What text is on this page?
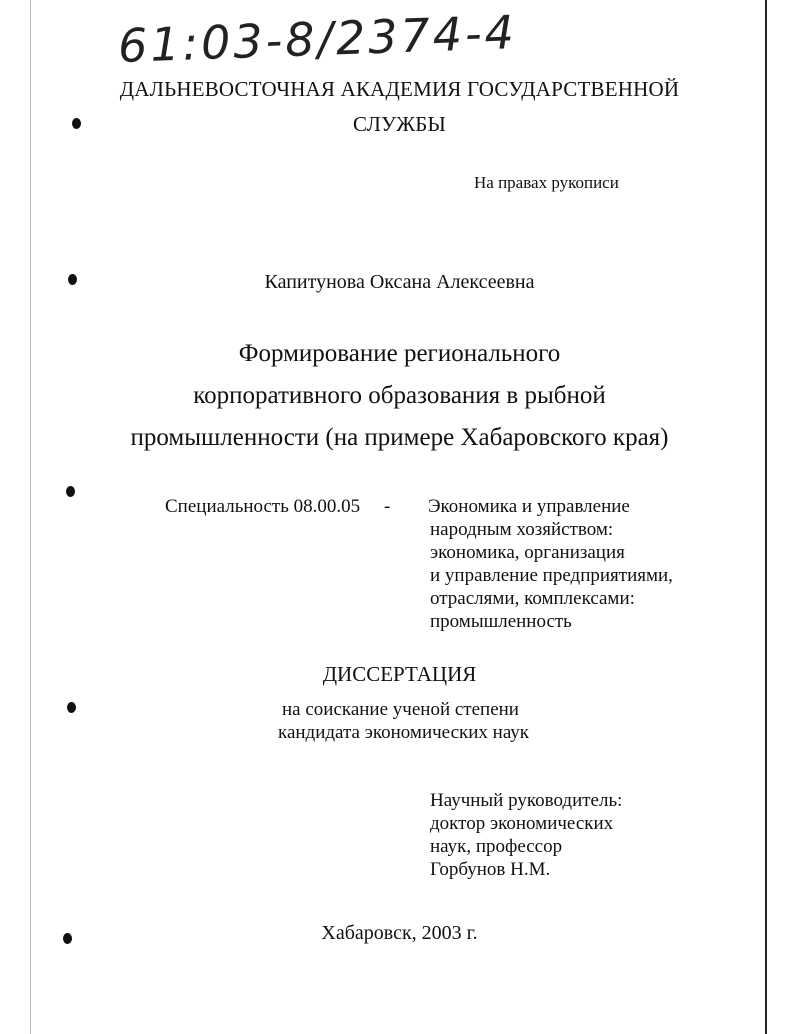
61:03-8/2374-4
ДАЛЬНЕВОСТОЧНАЯ АКАДЕМИЯ ГОСУДАРСТВЕННОЙ
СЛУЖБЫ
На правах рукописи
Капитунова Оксана Алексеевна
Формирование регионального
корпоративного образования в рыбной
промышленности (на примере Хабаровского края)
Специальность 08.00.05 - Экономика и управление
народным хозяйством:
экономика, организация
и управление предприятиями,
отраслями, комплексами:
промышленность
ДИССЕРТАЦИЯ
на соискание ученой степени
кандидата экономических наук
Научный руководитель:
доктор экономических
наук, профессор
Горбунов Н.М.
Хабаровск, 2003 г.
